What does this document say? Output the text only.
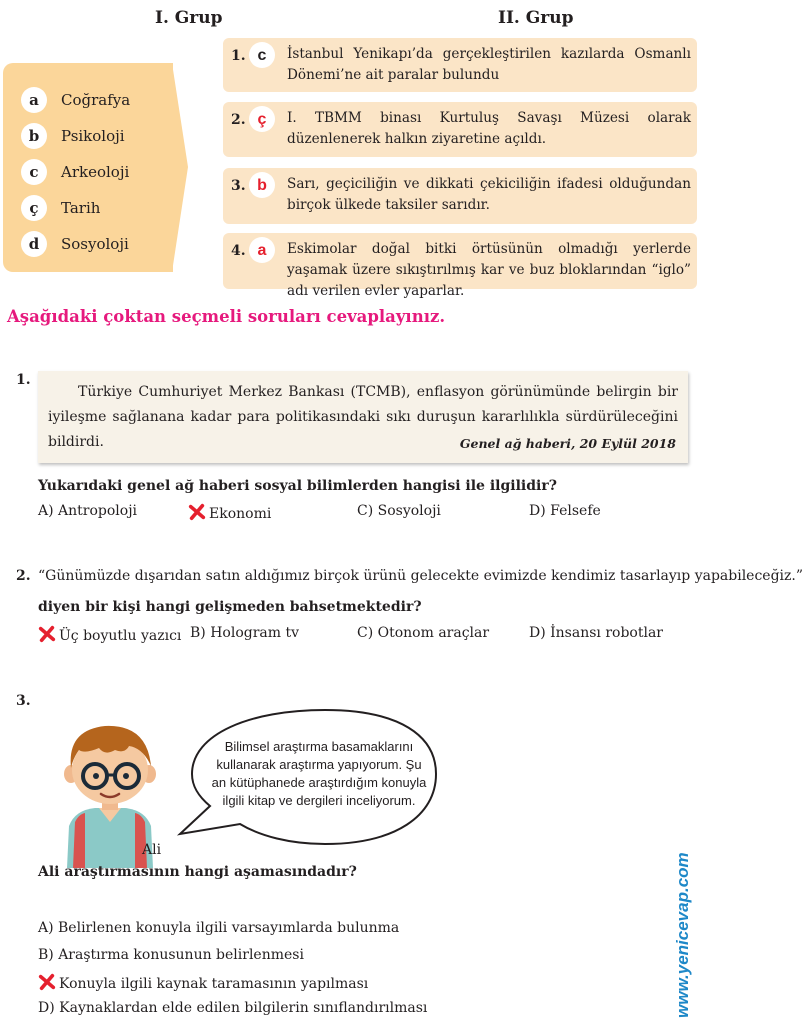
I. Grup	II. Grup
a	Coğrafya
b	Psikoloji
c	Arkeoloji
ç	Tarih
d	Sosyoloji
1. c	İstanbul Yenikapı’da gerçekleştirilen kazılarda Osmanlı Dönemi’ne ait paralar bulundu
2. ç	I. TBMM binası Kurtuluş Savaşı Müzesi olarak düzenlenerek halkın ziyaretine açıldı.
3. b	Sarı, geçiciliğin ve dikkati çekiciliğin ifadesi olduğundan birçok ülkede taksiler sarıdır.
4. a	Eskimolar doğal bitki örtüsünün olmadığı yerlerde yaşamak üzere sıkıştırılmış kar ve buz bloklarından “iglo” adı verilen evler yaparlar.
Aşağıdaki çoktan seçmeli soruları cevaplayınız.
1.
Türkiye Cumhuriyet Merkez Bankası (TCMB), enflasyon görünümünde belirgin bir iyileşme sağlanana kadar para politikasındaki sıkı duruşun kararlılıkla sürdürüleceğini bildirdi.	Genel ağ haberi, 20 Eylül 2018
Yukarıdaki genel ağ haberi sosyal bilimlerden hangisi ile ilgilidir?
A) Antropoloji	Ekonomi	C) Sosyoloji	D) Felsefe
2. “Günümüzde dışarıdan satın aldığımız birçok ürünü gelecekte evimizde kendimiz tasarlayıp yapabileceğiz.”
diyen bir kişi hangi gelişmeden bahsetmektedir?
Üç boyutlu yazıcı B) Hologram tv	C) Otonom araçlar	D) İnsansı robotlar
3.
Ali
Bilimsel araştırma basamaklarını kullanarak araştırma yapıyorum. Şu an kütüphanede araştırdığım konuyla ilgili kitap ve dergileri inceliyorum.
Ali araştırmasının hangi aşamasındadır?
A) Belirlenen konuyla ilgili varsayımlarda bulunma
B) Araştırma konusunun belirlenmesi
Konuyla ilgili kaynak taramasının yapılması
D) Kaynaklardan elde edilen bilgilerin sınıflandırılması	www.yenicevap.com
